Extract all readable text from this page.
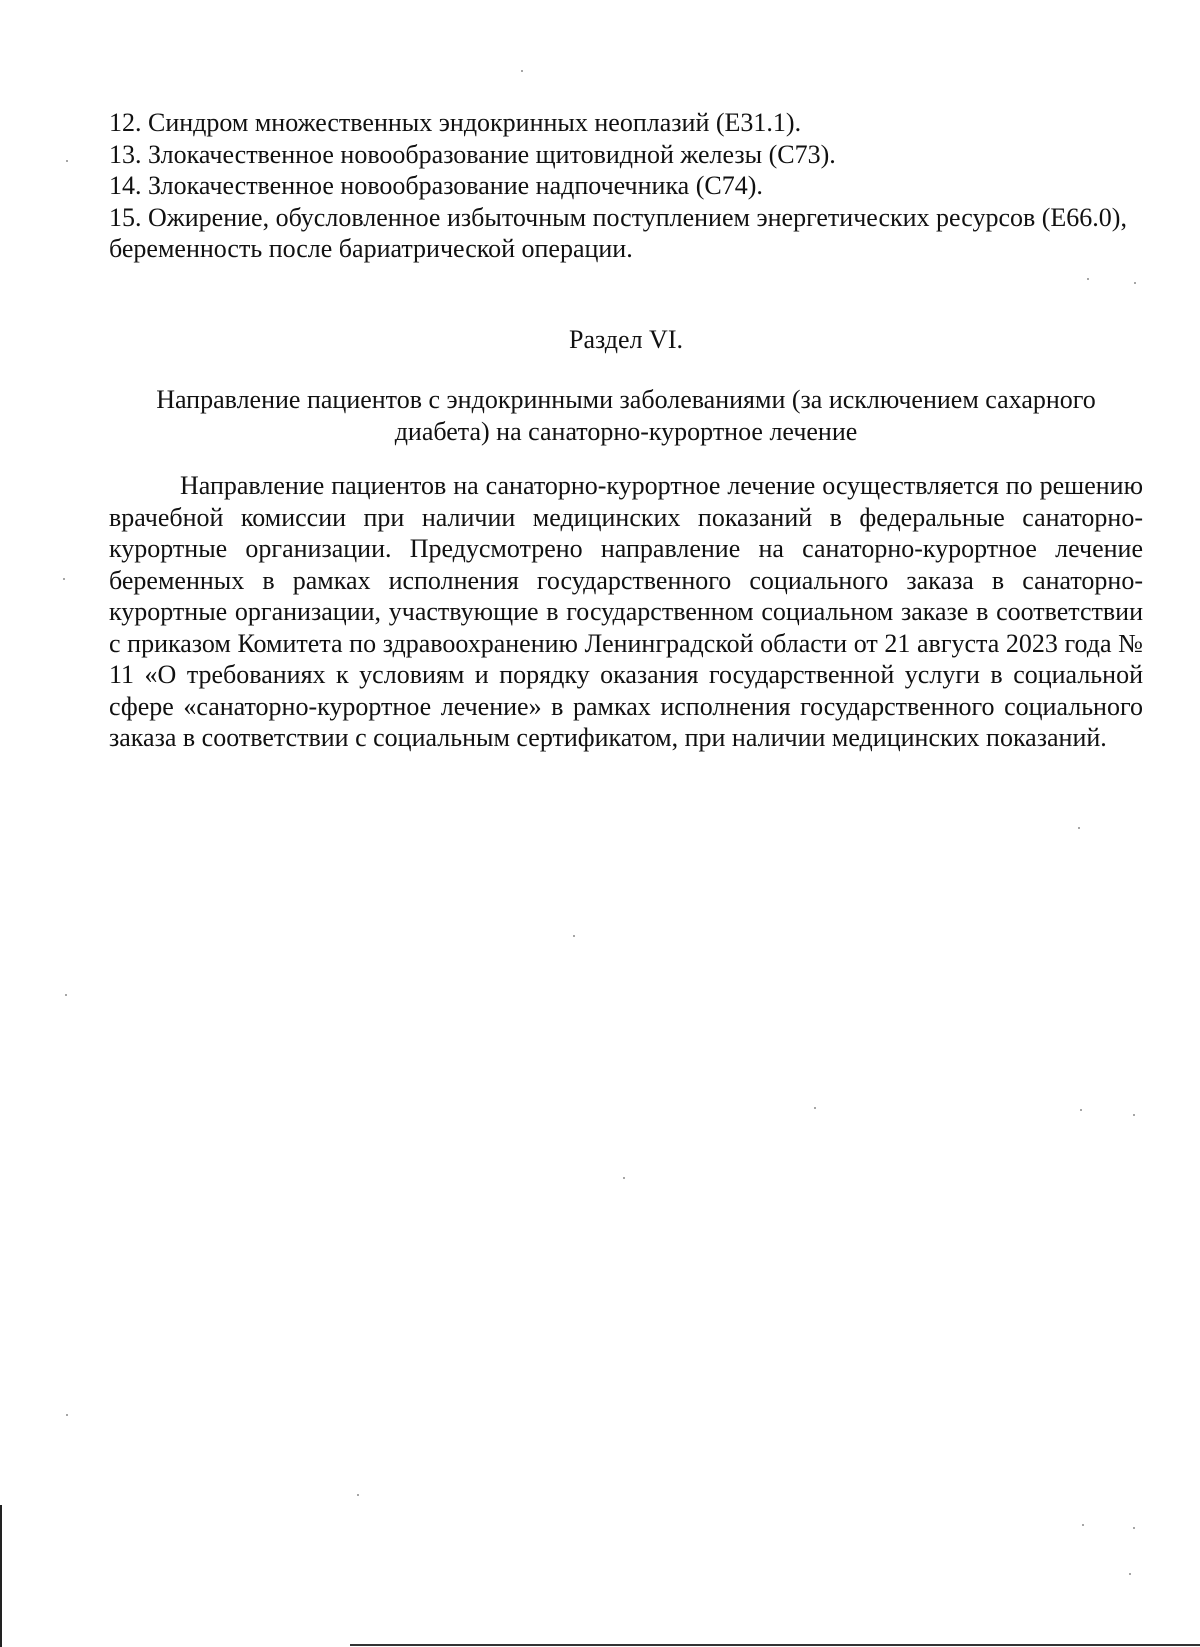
12. Синдром множественных эндокринных неоплазий (E31.1).

13. Злокачественное новообразование щитовидной железы (C73).

14. Злокачественное новообразование надпочечника (C74).

15. Ожирение, обусловленное избыточным поступлением энергетических ресурсов (E66.0), беременность после бариатрической операции.

Раздел VI.

Направление пациентов с эндокринными заболеваниями (за исключением сахарного
диабета) на санаторно-курортное лечение

Направление пациентов на санаторно-курортное лечение осуществляется по решению врачебной комиссии при наличии медицинских показаний в федеральные санаторно-курортные организации. Предусмотрено направление на санаторно-курортное лечение беременных в рамках исполнения государственного социального заказа в санаторно-курортные организации, участвующие в государственном социальном заказе в соответствии с приказом Комитета по здравоохранению Ленинградской области от 21 августа 2023 года № 11 «О требованиях к условиям и порядку оказания государственной услуги в социальной сфере «санаторно-курортное лечение» в рамках исполнения государственного социального заказа в соответствии с социальным сертификатом, при наличии медицинских показаний.
